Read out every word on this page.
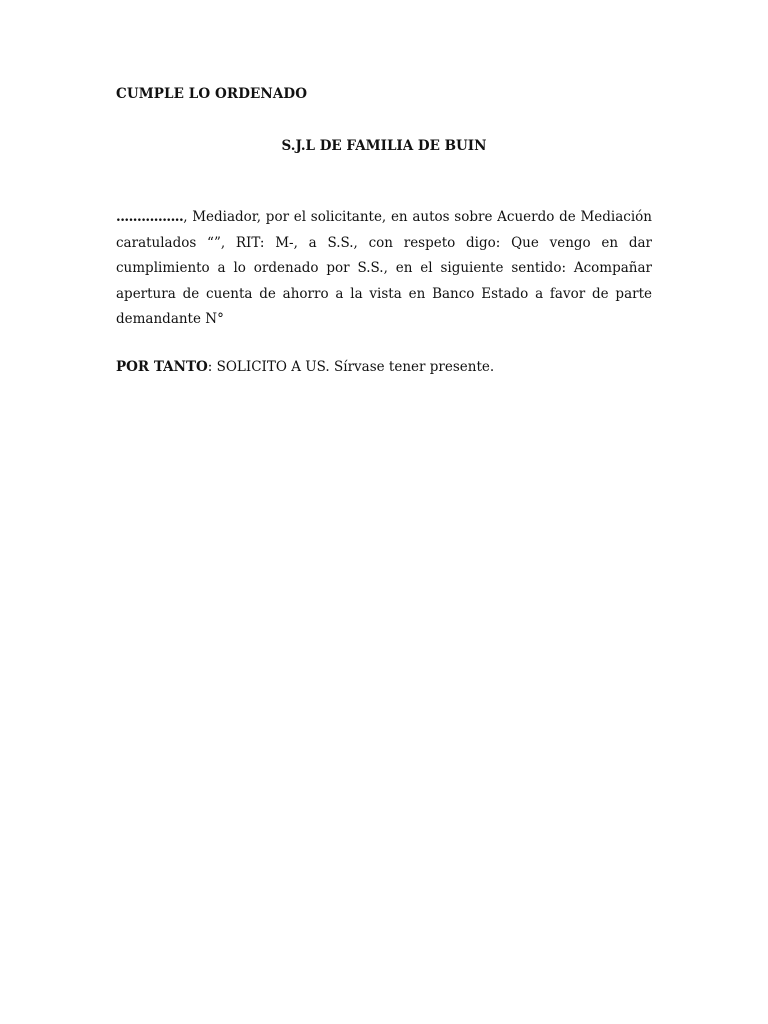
CUMPLE LO ORDENADO

S.J.L DE FAMILIA DE BUIN

................, Mediador, por el solicitante, en autos sobre Acuerdo de Mediación caratulados “”, RIT: M-, a S.S., con respeto digo: Que vengo en dar cumplimiento a lo ordenado por S.S., en el siguiente sentido: Acompañar apertura de cuenta de ahorro a la vista en Banco Estado a favor de parte demandante N°

POR TANTO: SOLICITO A US. Sírvase tener presente.
